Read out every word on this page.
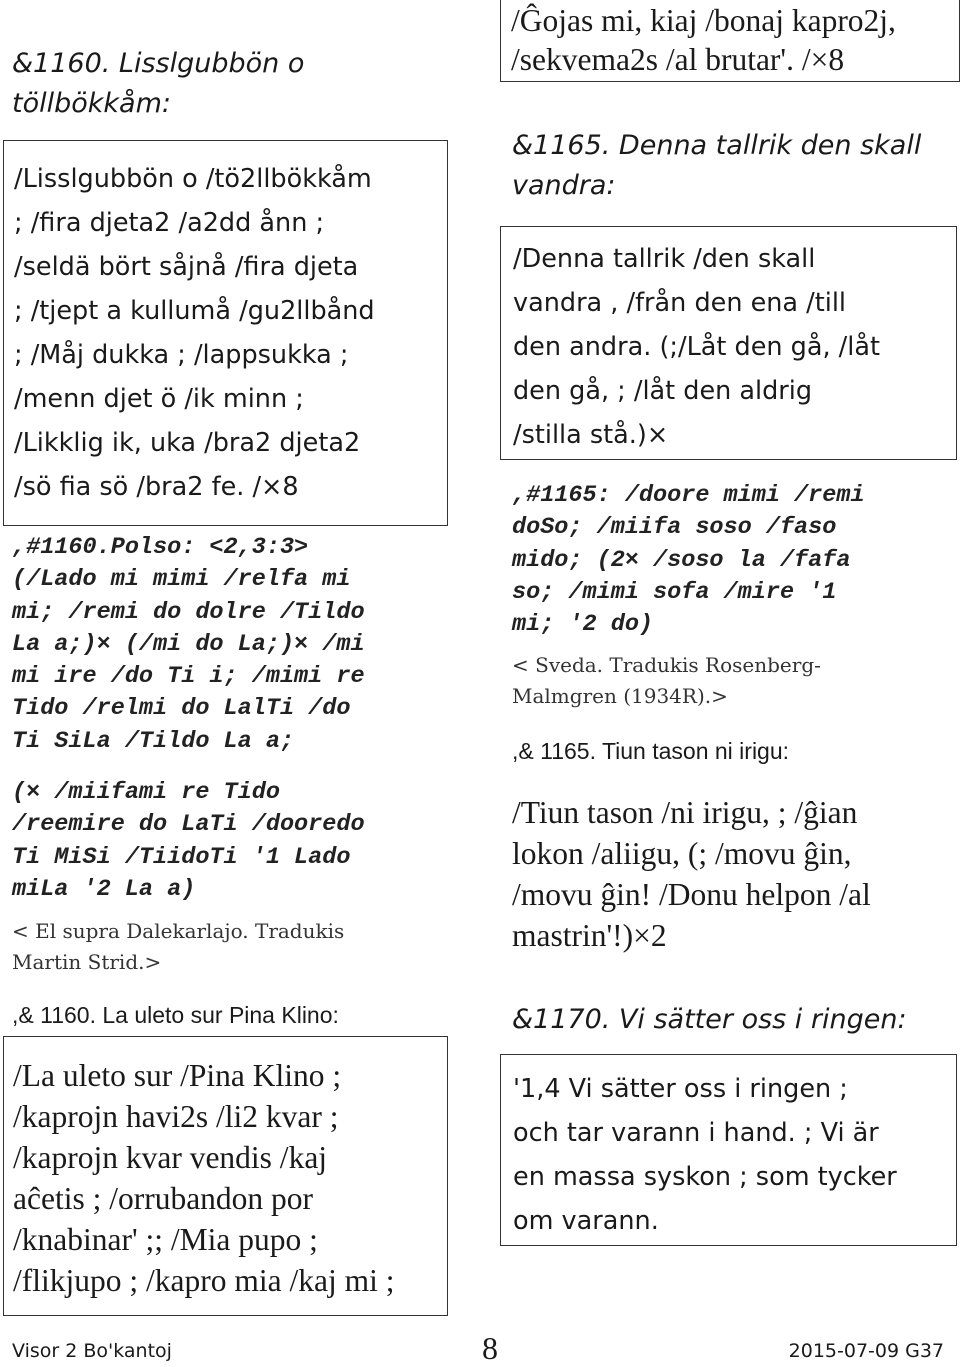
&1160. Lisslgubbön o
töllbökkåm:
/Lisslgubbön o /tö2llbökkåm
; /fira djeta2 /a2dd ånn ;
/seldä bört såjnå /fira djeta
; /tjept a kullumå /gu2llbånd
; /Måj dukka ; /lappsukka ;
/menn djet ö /ik minn ;
/Likklig ik, uka /bra2 djeta2
/sö fia sö /bra2 fe. /×8
,#1160.Polso: <2,3:3>
(/Lado mi mimi /relfa mi
mi; /remi do dolre /Tildo
La a;)× (/mi do La;)× /mi
mi ire /do Ti i; /mimi re
Tido /relmi do LalTi /do
Ti SiLa /Tildo La a;
(× /miifami re Tido
/reemire do LaTi /dooredo
Ti MiSi /TiidoTi '1 Lado
miLa '2 La a)
< El supra Dalekarlajo. Tradukis
Martin Strid.>
,& 1160. La uleto sur Pina Klino:
/La uleto sur /Pina Klino ;
/kaprojn havi2s /li2 kvar ;
/kaprojn kvar vendis /kaj
aĉetis ; /orrubandon por
/knabinar' ;; /Mia pupo ;
/flikjupo ; /kapro mia /kaj mi ;
/Ĝojas mi, kiaj /bonaj kapro2j,
/sekvema2s /al brutar'. /×8
&1165. Denna tallrik den skall
vandra:
/Denna tallrik /den skall
vandra , /från den ena /till
den andra. (;/Låt den gå, /låt
den gå, ; /låt den aldrig
/stilla stå.)×
,#1165: /doore mimi /remi
doSo; /miifa soso /faso
mido; (2× /soso la /fafa
so; /mimi sofa /mire '1
mi; '2 do)
< Sveda. Tradukis Rosenberg-
Malmgren (1934R).>
,& 1165. Tiun tason ni irigu:
/Tiun tason /ni irigu, ; /ĝian
lokon /aliigu, (; /movu ĝin,
/movu ĝin! /Donu helpon /al
mastrin'!)×2
&1170. Vi sätter oss i ringen:
'1,4 Vi sätter oss i ringen ;
och tar varann i hand. ; Vi är
en massa syskon ; som tycker
om varann.
Visor 2 Bo'kantoj	8	2015-07-09 G37
